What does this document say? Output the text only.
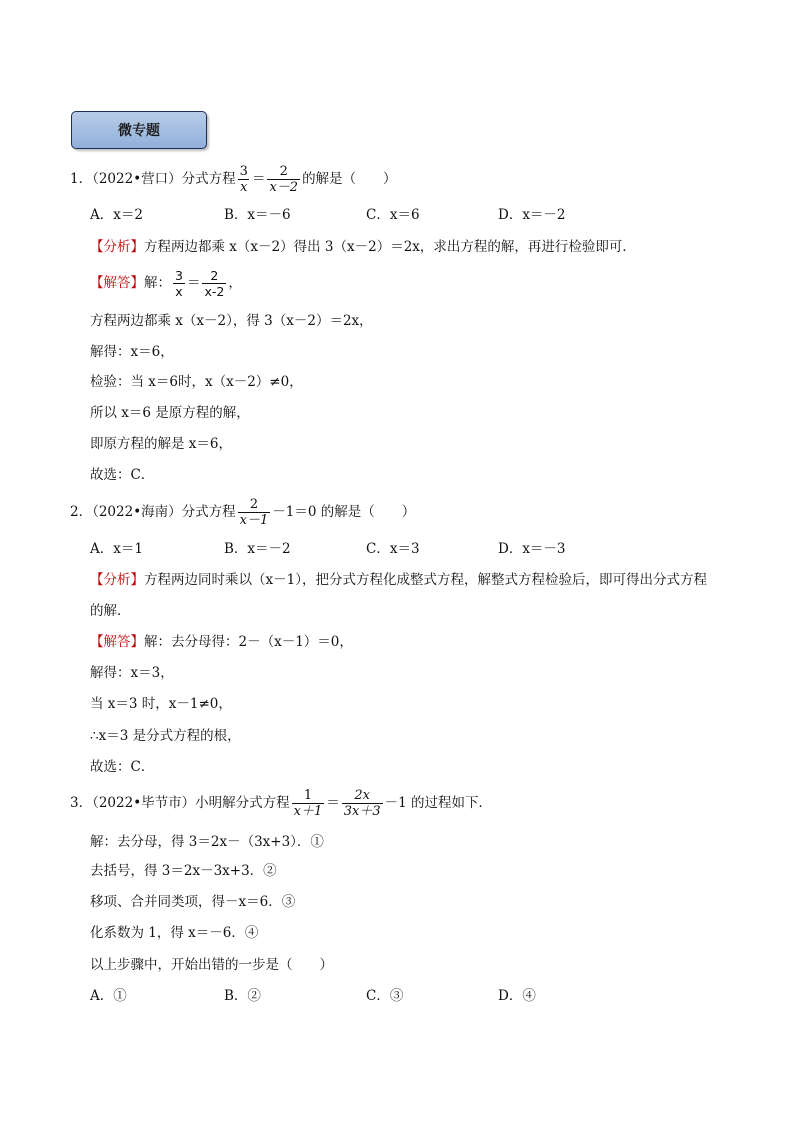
微专题
1．（2022•营口）分式方程 $\frac{3}{x} = \frac{2}{x-2}$ 的解是（　　）
A．x＝2	B．x＝－6	C．x＝6	D．x＝－2
【分析】 方程两边都乘 x（x－2）得出 3（x－2）＝2x，求出方程的解，再进行检验即可．
【解答】 解： $\frac{3}{x} = \frac{2}{x-2}$ ，
方程两边都乘 x（x－2），得 3（x－2）＝2x，
解得：x＝6，
检验：当 x＝6时，x（x－2）≠0，
所以 x＝6 是原方程的解，
即原方程的解是 x＝6，
故选：C．
2．（2022•海南）分式方程 $\frac{2}{x-1} -1=0$ 的解是（　　）
A．x＝1	B．x＝－2	C．x＝3	D．x＝－3
【分析】 方程两边同时乘以（x－1），把分式方程化成整式方程，解整式方程检验后，即可得出分式方程
的解．
【解答】 解：去分母得：2－（x－1）＝0，
解得：x＝3，
当 x＝3 时，x－1≠0，
∴x＝3 是分式方程的根，
故选：C．
3．（2022•毕节市）小明解分式方程 $\frac{1}{x+1} = \frac{2x}{3x+3} -1$ 的过程如下．
解：去分母，得 3＝2x－（3x+3）．①
去括号，得 3＝2x－3x+3．②
移项、合并同类项，得－x＝6．③
化系数为 1，得 x＝－6．④
以上步骤中，开始出错的一步是（　　）
A．①	B．②	C．③	D．④
